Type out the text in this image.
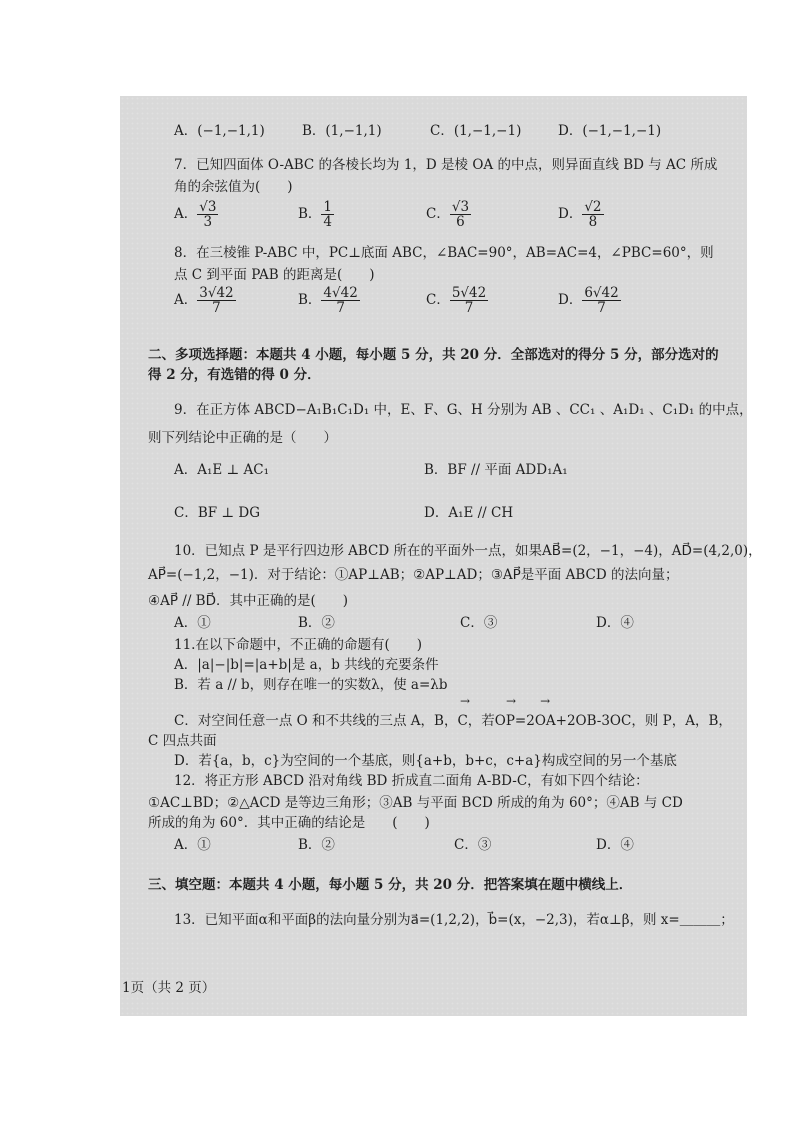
A．(−1,−1,1)	B．(1,−1,1)	C．(1,−1,−1)	D．(−1,−1,−1)
7．已知四面体 O-ABC 的各棱长均为 1，D 是棱 OA 的中点，则异面直线 BD 与 AC 所成
角的余弦值为(　　)
A． $\frac{√3}{3}$	B． $\frac{1}{4}$	C． $\frac{√3}{6}$	D． $\frac{√2}{8}$
8．在三棱锥 P-ABC 中，PC⊥底面 ABC，∠BAC=90°，AB=AC=4，∠PBC=60°，则
点 C 到平面 PAB 的距离是(　　)
A． $\frac{3√42}{7}$	B． $\frac{4√42}{7}$	C． $\frac{5√42}{7}$	D． $\frac{6√42}{7}$
二、多项选择题：本题共 4 小题，每小题 5 分，共 20 分．全部选对的得分 5 分，部分选对的
得 2 分，有选错的得 0 分．
9．在正方体 ABCD−A₁B₁C₁D₁ 中，E、F、G、H 分别为 AB 、CC₁ 、A₁D₁ 、C₁D₁ 的中点，
则下列结论中正确的是（　　）
A．A₁E ⊥ AC₁	B．BF // 平面 ADD₁A₁
C．BF ⊥ DG	D．A₁E // CH
10．已知点 P 是平行四边形 ABCD 所在的平面外一点，如果AB⃗=(2，−1，−4)，AD⃗=(4,2,0)，
AP⃗=(−1,2，−1)．对于结论：①AP⊥AB；②AP⊥AD；③AP⃗是平面 ABCD 的法向量；
④AP⃗ // BD⃗．其中正确的是(　　)
A．①	B．②	C．③	D．④
11.在以下命题中，不正确的命题有(　　)
A．|a|−|b|=|a+b|是 a，b 共线的充要条件
B．若 a // b，则存在唯一的实数λ，使 a=λb
→　　　→　　→
C．对空间任意一点 O 和不共线的三点 A，B，C，若OP=2OA+2OB-3OC，则 P，A，B，
C 四点共面
D．若{a，b，c}为空间的一个基底，则{a+b，b+c，c+a}构成空间的另一个基底
12．将正方形 ABCD 沿对角线 BD 折成直二面角 A-BD-C，有如下四个结论：
①AC⊥BD；②△ACD 是等边三角形；③AB 与平面 BCD 所成的角为 60°；④AB 与 CD
所成的角为 60°．其中正确的结论是　　(　　)
A．①	B．②	C．③	D．④
三、填空题：本题共 4 小题，每小题 5 分，共 20 分．把答案填在题中横线上．
13．已知平面α和平面β的法向量分别为a⃗=(1,2,2)，b⃗=(x，−2,3)，若α⊥β，则 x=＿＿＿；
1页（共 2 页）
